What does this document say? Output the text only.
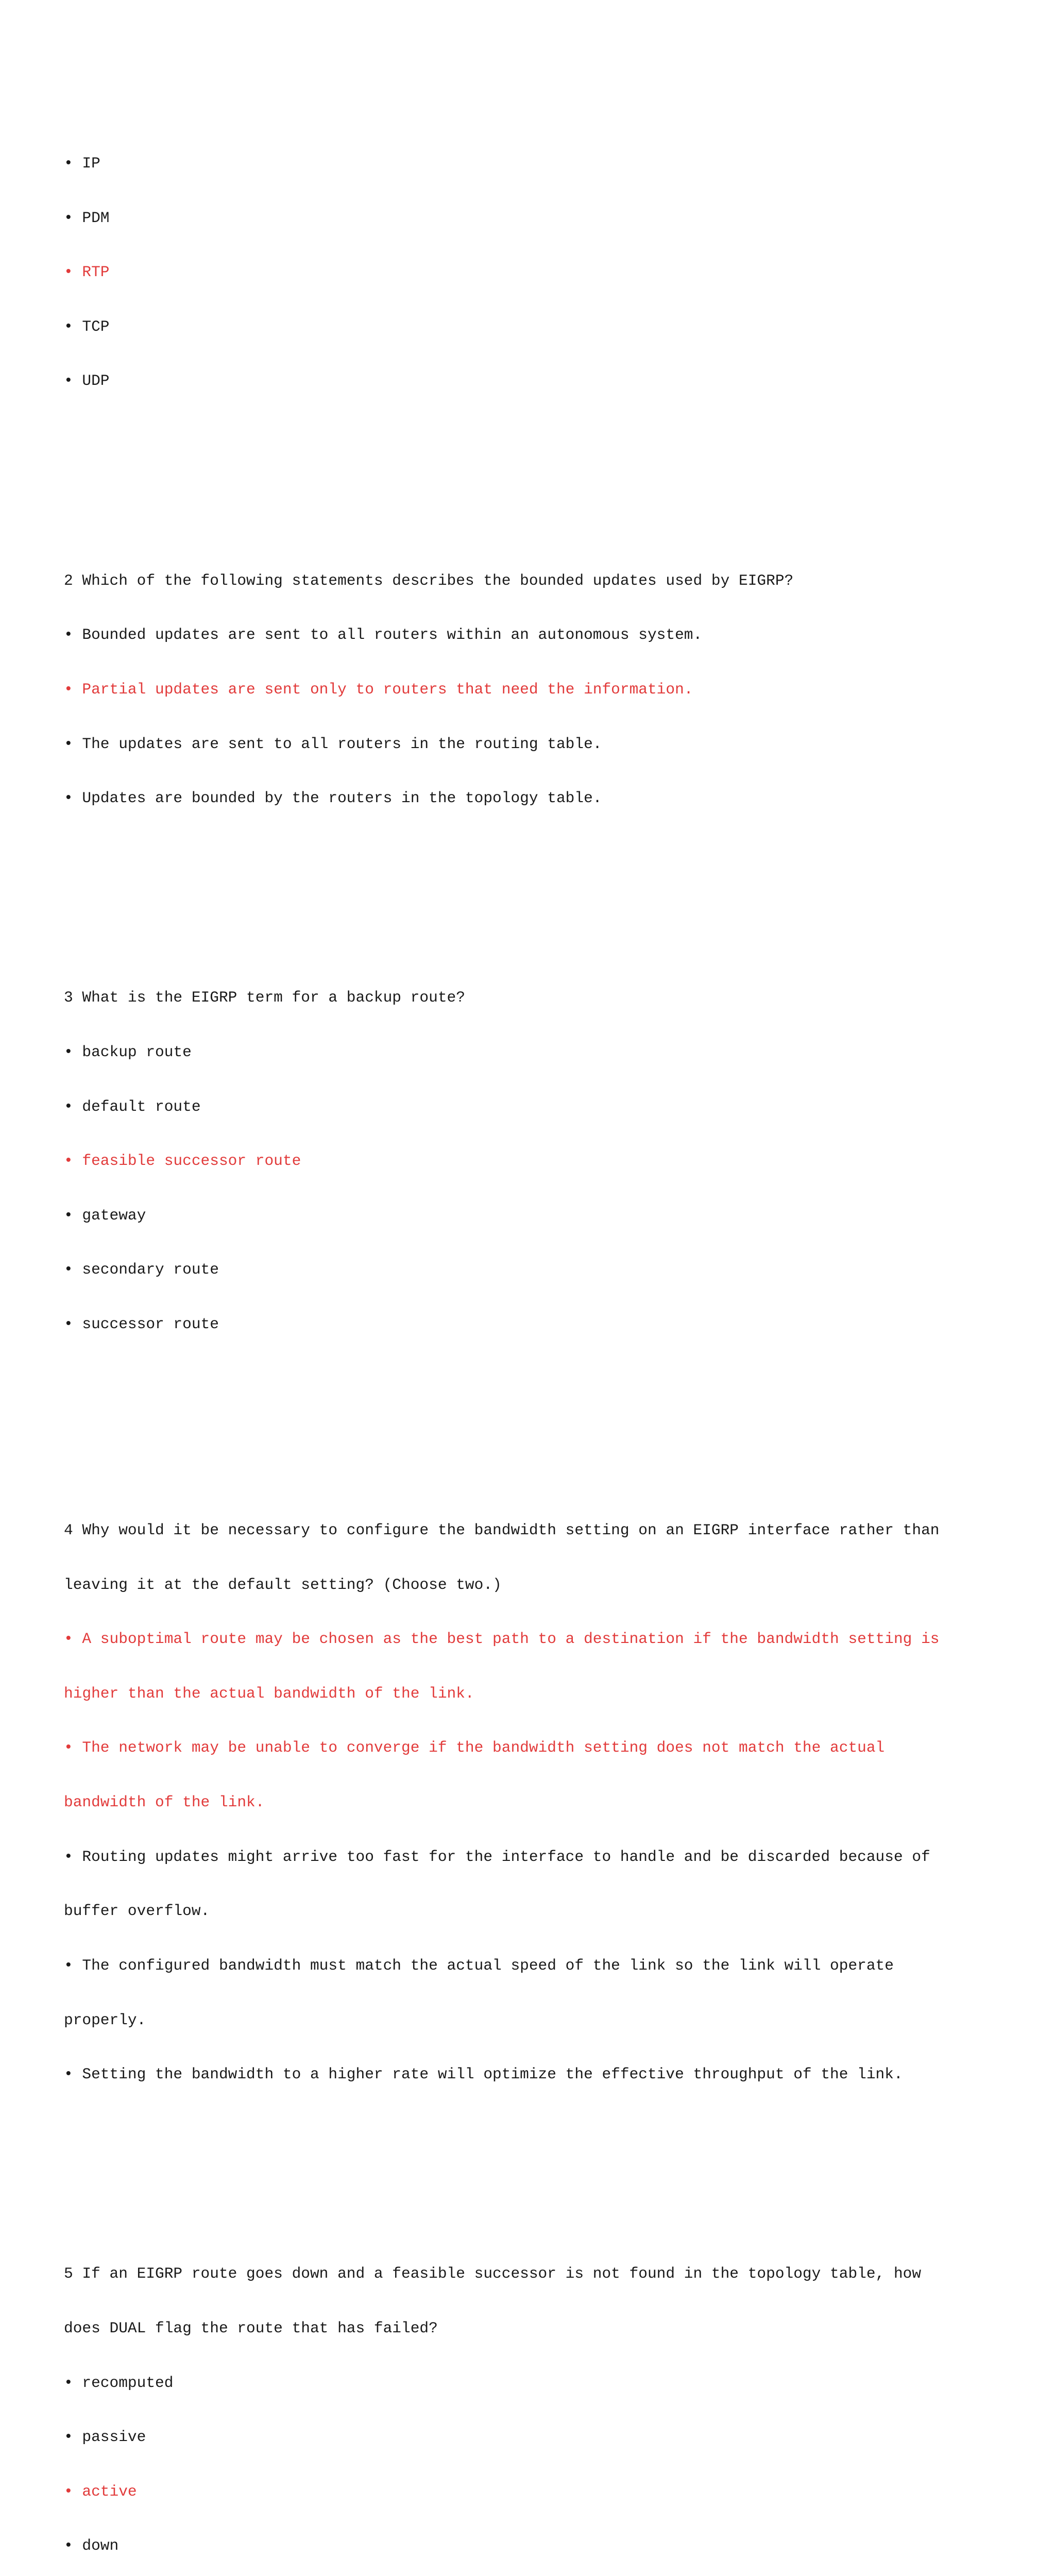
• IP

• PDM

• RTP

• TCP

• UDP

2 Which of the following statements describes the bounded updates used by EIGRP?

• Bounded updates are sent to all routers within an autonomous system.

• Partial updates are sent only to routers that need the information.

• The updates are sent to all routers in the routing table.

• Updates are bounded by the routers in the topology table.

3 What is the EIGRP term for a backup route?

• backup route

• default route

• feasible successor route

• gateway

• secondary route

• successor route

4 Why would it be necessary to configure the bandwidth setting on an EIGRP interface rather than

leaving it at the default setting? (Choose two.)

• A suboptimal route may be chosen as the best path to a destination if the bandwidth setting is

higher than the actual bandwidth of the link.

• The network may be unable to converge if the bandwidth setting does not match the actual

bandwidth of the link.

• Routing updates might arrive too fast for the interface to handle and be discarded because of

buffer overflow.

• The configured bandwidth must match the actual speed of the link so the link will operate

properly.

• Setting the bandwidth to a higher rate will optimize the effective throughput of the link.

5 If an EIGRP route goes down and a feasible successor is not found in the topology table, how

does DUAL flag the route that has failed?

• recomputed

• passive

• active

• down
